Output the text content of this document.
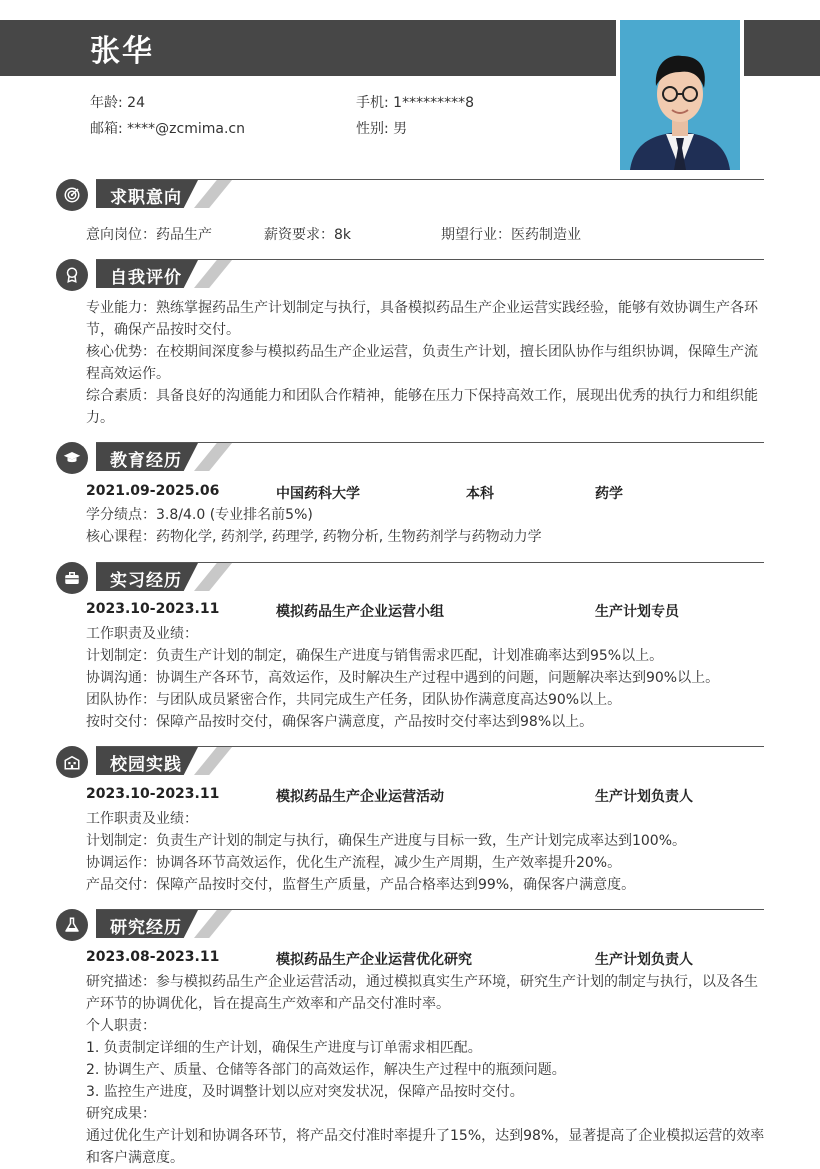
张华
年龄: 24	手机: 1*********8
邮箱: ****@zcmima.cn	性别: 男
求职意向
意向岗位：药品生产	薪资要求：8k	期望行业：医药制造业
自我评价

专业能力：熟练掌握药品生产计划制定与执行，具备模拟药品生产企业运营实践经验，能够有效协调生产各环节，确保产品按时交付。

核心优势：在校期间深度参与模拟药品生产企业运营，负责生产计划，擅长团队协作与组织协调，保障生产流程高效运作。

综合素质：具备良好的沟通能力和团队合作精神，能够在压力下保持高效工作，展现出优秀的执行力和组织能力。

教育经历
2021.09-2025.06	中国药科大学	本科	药学

学分绩点：3.8/4.0 (专业排名前5%)

核心课程：药物化学, 药剂学, 药理学, 药物分析, 生物药剂学与药物动力学

实习经历
2023.10-2023.11	模拟药品生产企业运营小组	生产计划专员

工作职责及业绩：

计划制定：负责生产计划的制定，确保生产进度与销售需求匹配，计划准确率达到95%以上。

协调沟通：协调生产各环节，高效运作，及时解决生产过程中遇到的问题，问题解决率达到90%以上。

团队协作：与团队成员紧密合作，共同完成生产任务，团队协作满意度高达90%以上。

按时交付：保障产品按时交付，确保客户满意度，产品按时交付率达到98%以上。

校园实践
2023.10-2023.11	模拟药品生产企业运营活动	生产计划负责人

工作职责及业绩：

计划制定：负责生产计划的制定与执行，确保生产进度与目标一致，生产计划完成率达到100%。

协调运作：协调各环节高效运作，优化生产流程，减少生产周期，生产效率提升20%。

产品交付：保障产品按时交付，监督生产质量，产品合格率达到99%，确保客户满意度。

研究经历
2023.08-2023.11	模拟药品生产企业运营优化研究	生产计划负责人

研究描述：参与模拟药品生产企业运营活动，通过模拟真实生产环境，研究生产计划的制定与执行，以及各生产环节的协调优化，旨在提高生产效率和产品交付准时率。

个人职责：

1. 负责制定详细的生产计划，确保生产进度与订单需求相匹配。

2. 协调生产、质量、仓储等各部门的高效运作，解决生产过程中的瓶颈问题。

3. 监控生产进度，及时调整计划以应对突发状况，保障产品按时交付。

研究成果：

通过优化生产计划和协调各环节，将产品交付准时率提升了15%，达到98%，显著提高了企业模拟运营的效率和客户满意度。
